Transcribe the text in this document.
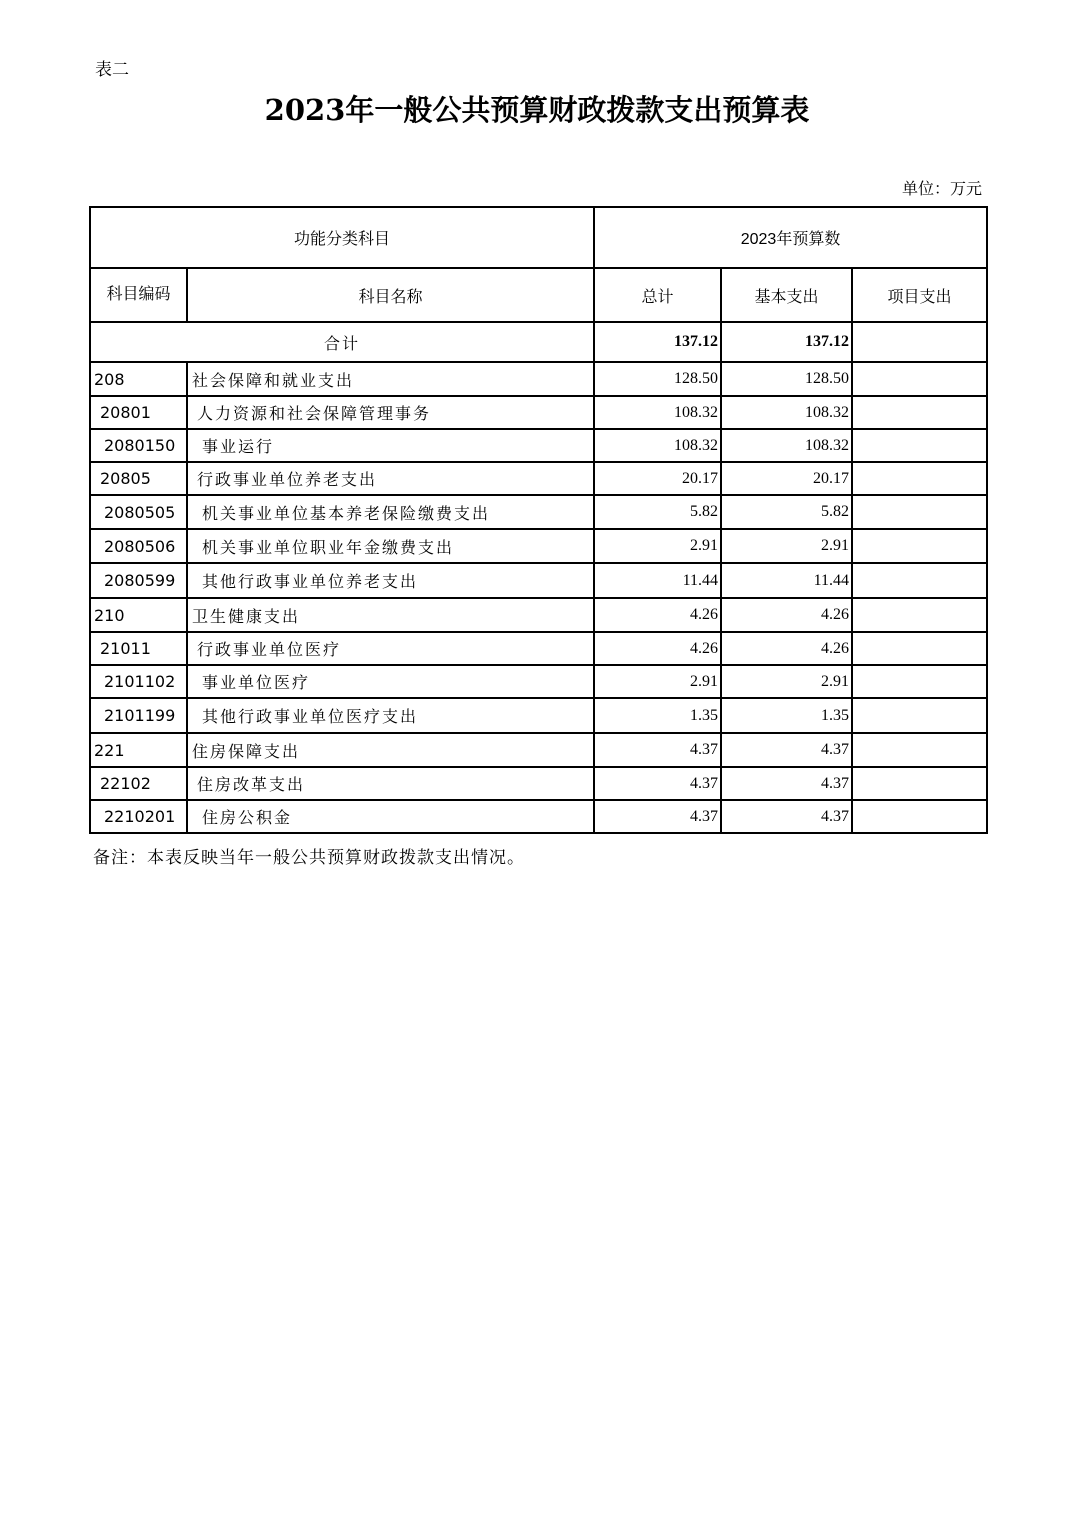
表二
2023年一般公共预算财政拨款支出预算表
单位：万元
功能分类科目		2023年预算数		
科目编码	科目名称	总计	基本支出	项目支出
合计		137.12	137.12	
208	社会保障和就业支出	128.50	128.50	
20801	人力资源和社会保障管理事务	108.32	108.32	
2080150	事业运行	108.32	108.32	
20805	行政事业单位养老支出	20.17	20.17	
2080505	机关事业单位基本养老保险缴费支出	5.82	5.82	
2080506	机关事业单位职业年金缴费支出	2.91	2.91	
2080599	其他行政事业单位养老支出	11.44	11.44	
210	卫生健康支出	4.26	4.26	
21011	行政事业单位医疗	4.26	4.26	
2101102	事业单位医疗	2.91	2.91	
2101199	其他行政事业单位医疗支出	1.35	1.35	
221	住房保障支出	4.37	4.37	
22102	住房改革支出	4.37	4.37	
2210201	住房公积金	4.37	4.37	
备注：本表反映当年一般公共预算财政拨款支出情况。
